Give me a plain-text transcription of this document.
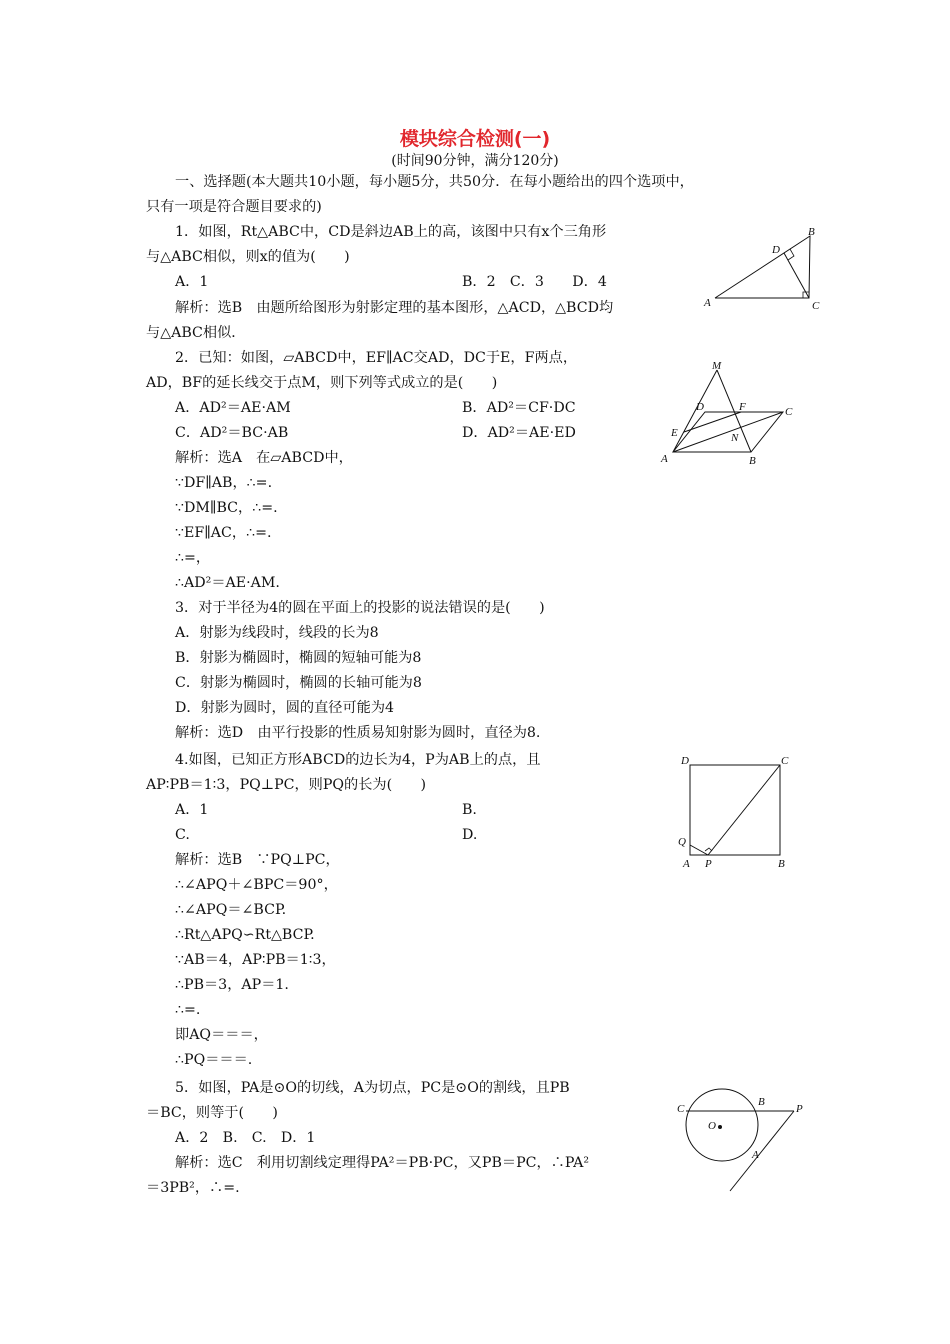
模块综合检测(一)
(时间90分钟，满分120分)
一、选择题(本大题共10小题，每小题5分，共50分．在每小题给出的四个选项中，
只有一项是符合题目要求的)
1．如图，Rt△ABC中，CD是斜边AB上的高，该图中只有x个三角形
与△ABC相似，则x的值为(　　)
A．1	B．2　C．3　　D．4
解析：选B　由题所给图形为射影定理的基本图形，△ACD，△BCD均
与△ABC相似．
A
B
C
D
2．已知：如图，▱ABCD中，EF∥AC交AD，DC于E，F两点，
AD，BF的延长线交于点M，则下列等式成立的是(　　)
A．AD²＝AE·AM	B．AD²＝CF·DC
C．AD²＝BC·AB	D．AD²＝AE·ED
解析：选A　在▱ABCD中，
∵DF∥AB，∴=.
∵DM∥BC，∴=.
∵EF∥AC，∴=.
∴=，
∴AD²＝AE·AM.
M
D	F	C
E	N
A	B
3．对于半径为4的圆在平面上的投影的说法错误的是(　　)
A．射影为线段时，线段的长为8
B．射影为椭圆时，椭圆的短轴可能为8
C．射影为椭圆时，椭圆的长轴可能为8
D．射影为圆时，圆的直径可能为4
解析：选D　由平行投影的性质易知射影为圆时，直径为8.
4.如图，已知正方形ABCD的边长为4，P为AB上的点，且
AP∶PB＝1∶3，PQ⊥PC，则PQ的长为(　　)
A．1	B.
C.	D.
解析：选B　∵PQ⊥PC，
∴∠APQ＋∠BPC＝90°，
∴∠APQ＝∠BCP.
∴Rt△APQ∽Rt△BCP.
∵AB＝4，AP∶PB＝1∶3，
∴PB＝3，AP＝1.
∴=.
即AQ＝＝＝，
∴PQ＝＝＝.
D	C
Q
A P	B
5．如图，PA是⊙O的切线，A为切点，PC是⊙O的割线，且PB
＝BC，则等于(　　)
A．2　B.　C.　D．1
解析：选C　利用切割线定理得PA²＝PB·PC，又PB＝PC，∴PA²
＝3PB²，∴=.
C
B
P
O
A
